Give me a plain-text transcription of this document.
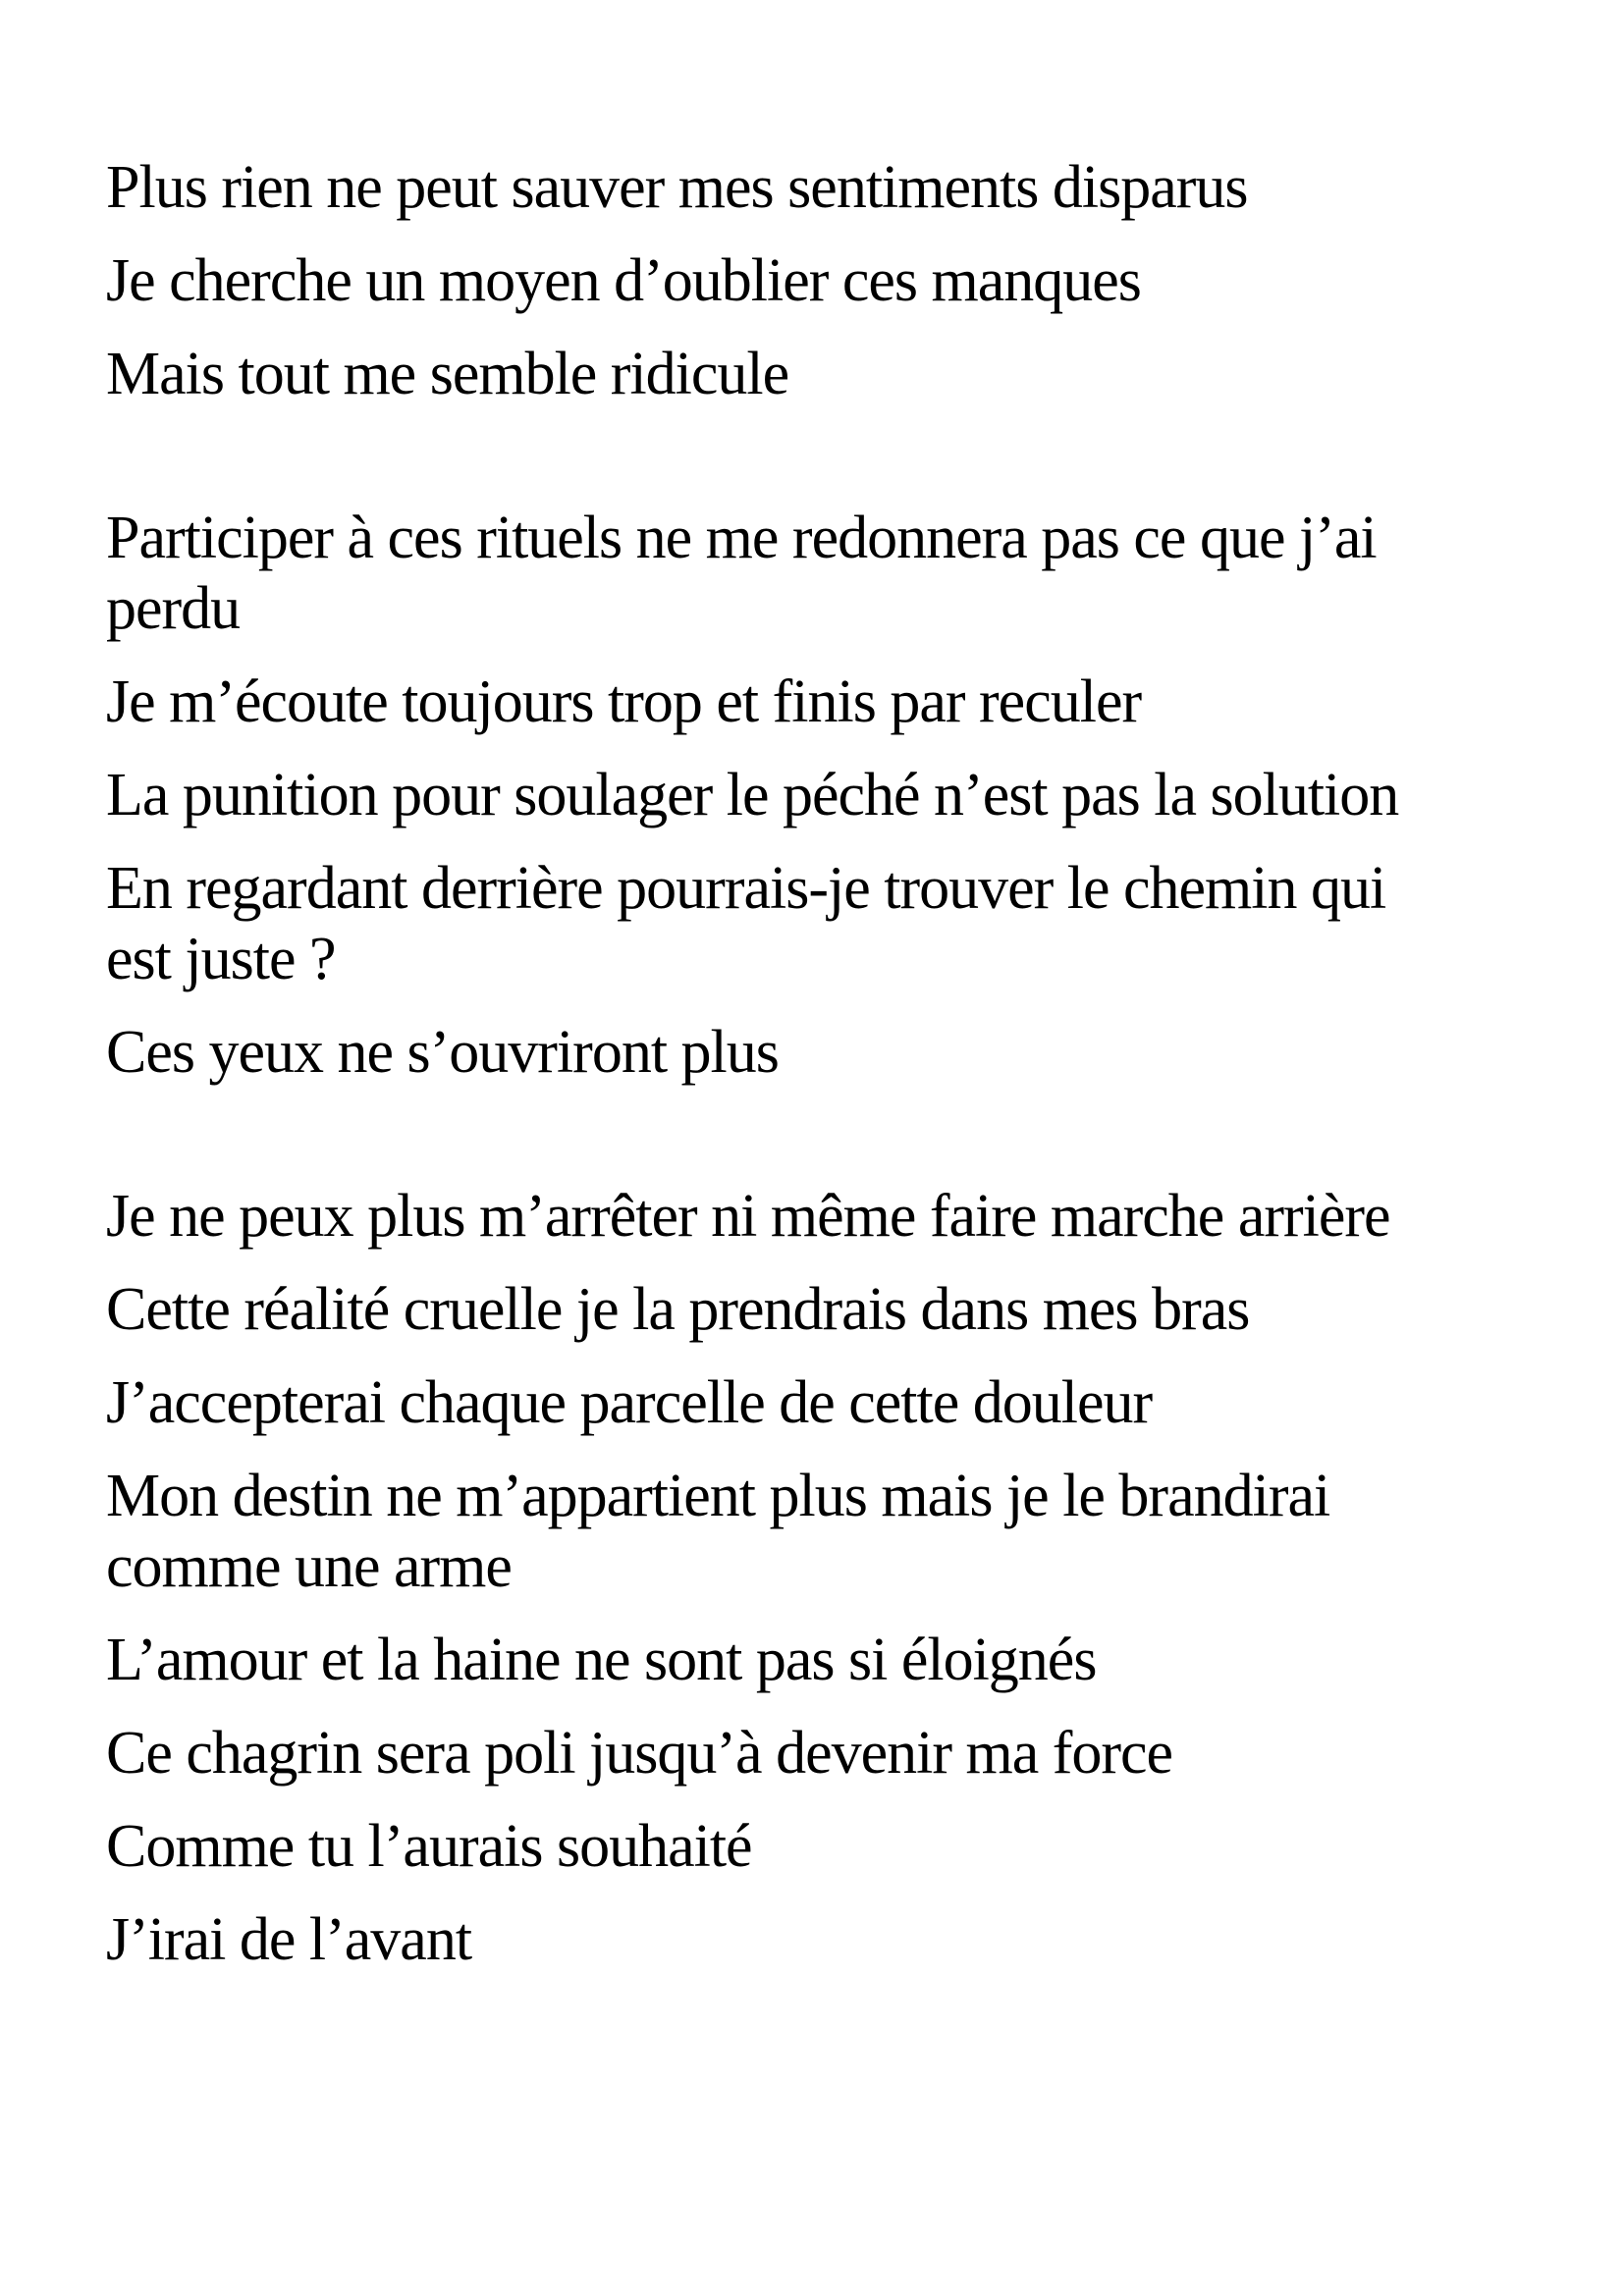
Plus rien ne peut sauver mes sentiments disparus
Je cherche un moyen d’oublier ces manques
Mais tout me semble ridicule
Participer à ces rituels ne me redonnera pas ce que j’ai
perdu
Je m’écoute toujours trop et finis par reculer
La punition pour soulager le péché n’est pas la solution
En regardant derrière pourrais-je trouver le chemin qui
est juste ?
Ces yeux ne s’ouvriront plus
Je ne peux plus m’arrêter ni même faire marche arrière
Cette réalité cruelle je la prendrais dans mes bras
J’accepterai chaque parcelle de cette douleur
Mon destin ne m’appartient plus mais je le brandirai
comme une arme
L’amour et la haine ne sont pas si éloignés
Ce chagrin sera poli jusqu’à devenir ma force
Comme tu l’aurais souhaité
J’irai de l’avant
